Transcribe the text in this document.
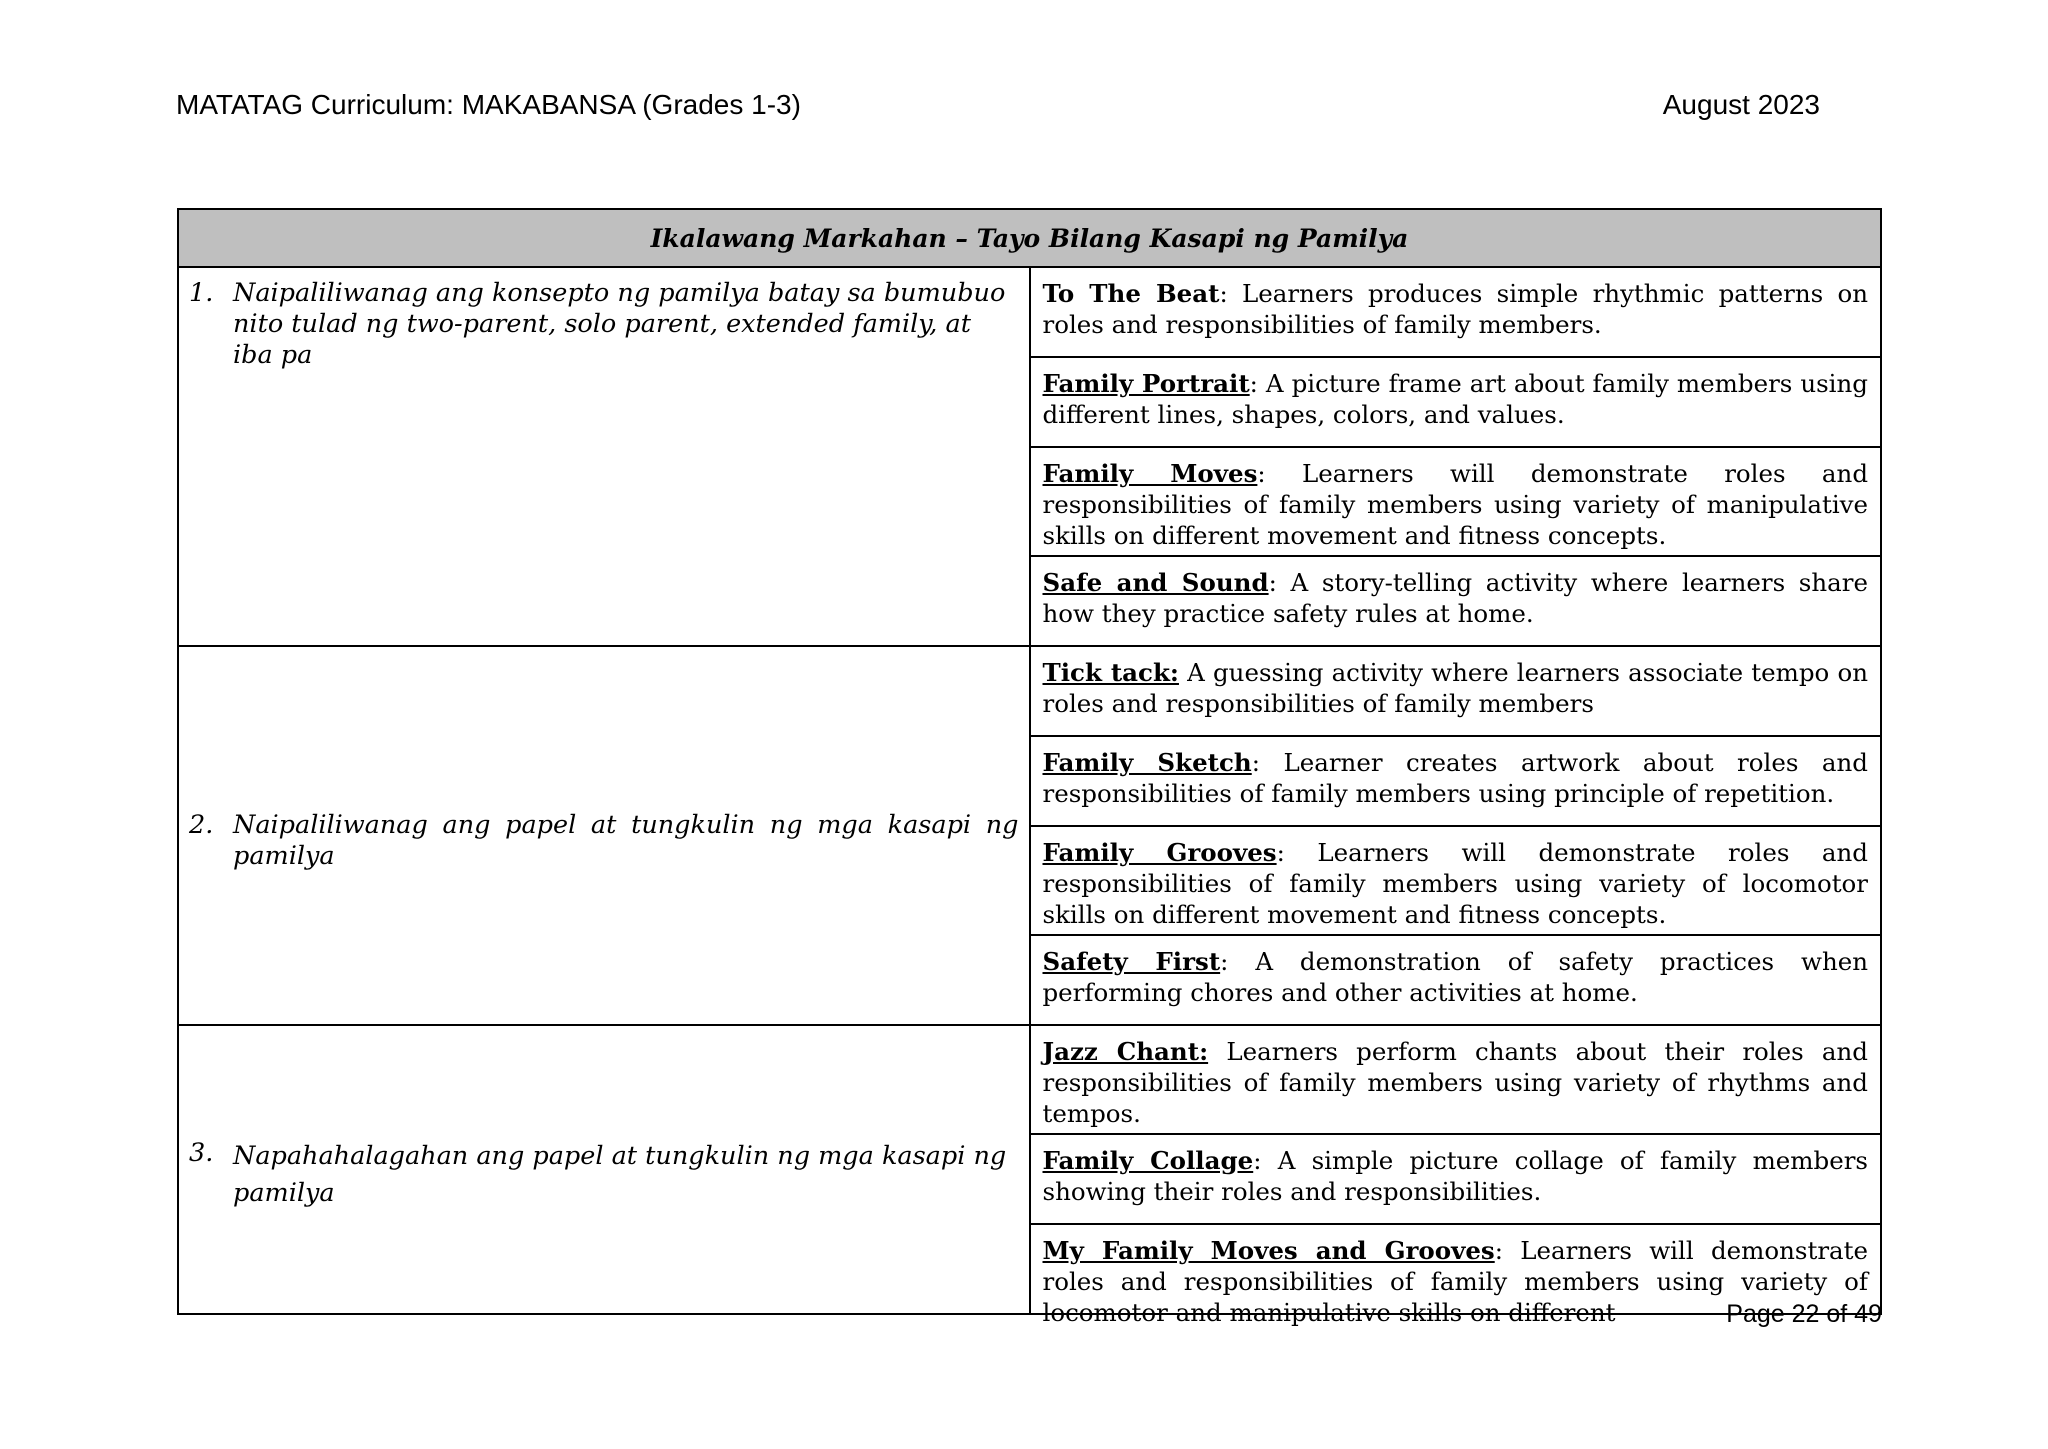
MATATAG Curriculum: MAKABANSA (Grades 1-3)	August 2023
Ikalawang Markahan – Tayo Bilang Kasapi ng Pamilya	

1. Naipaliliwanag ang konsepto ng pamilya batay sa bumubuo nito tulad ng two-parent, solo parent, extended family, at iba pa	To The Beat: Learners produces simple rhythmic patterns on roles and responsibilities of family members.
	Family Portrait: A picture frame art about family members using different lines, shapes, colors, and values.
	Family Moves: Learners will demonstrate roles and responsibilities of family members using variety of manipulative skills on different movement and fitness concepts.
	Safe and Sound: A story-telling activity where learners share how they practice safety rules at home.

2. Naipaliliwanag ang papel at tungkulin ng mga kasapi ng pamilya	Tick tack: A guessing activity where learners associate tempo on roles and responsibilities of family members
	Family Sketch: Learner creates artwork about roles and responsibilities of family members using principle of repetition.
	Family Grooves: Learners will demonstrate roles and responsibilities of family members using variety of locomotor skills on different movement and fitness concepts.
	Safety First: A demonstration of safety practices when performing chores and other activities at home.

3. Napahahalagahan ang papel at tungkulin ng mga kasapi ng pamilya	Jazz Chant: Learners perform chants about their roles and responsibilities of family members using variety of rhythms and tempos.
	Family Collage: A simple picture collage of family members showing their roles and responsibilities.

	My Family Moves and Grooves: Learners will demonstrate roles and responsibilities of family members using variety of locomotor and manipulative skills on different	Page 22 of 49
